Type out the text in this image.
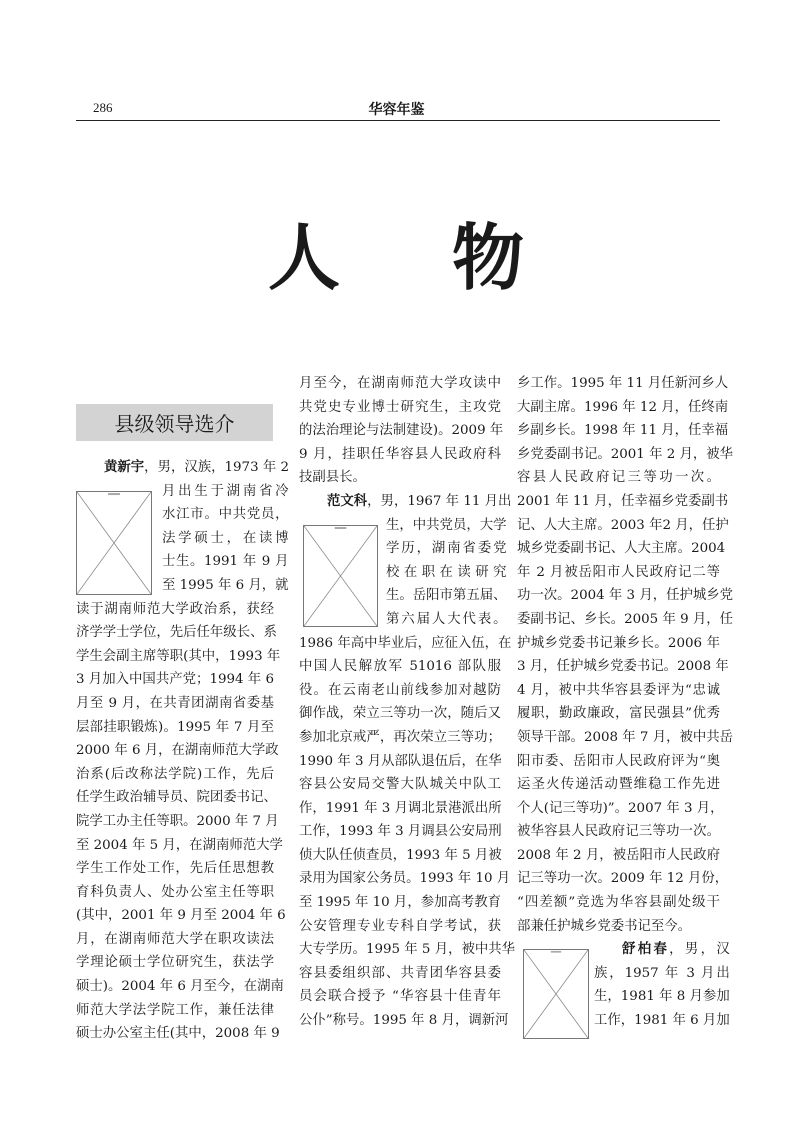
286	华容年鉴
人 物
县级领导选介
黄新宇，男，汉族，1973 年 2
月出生于湖南省冷
水江市。中共党员，
法学硕士，在读博
士生。1991 年 9 月
至 1995 年 6 月，就
读于湖南师范大学政治系，获经
济学学士学位，先后任年级长、系
学生会副主席等职(其中，1993 年
3 月加入中国共产党；1994 年 6
月至 9 月，在共青团湖南省委基
层部挂职锻炼)。1995 年 7 月至
2000 年 6 月，在湖南师范大学政
治系(后改称法学院)工作，先后
任学生政治辅导员、院团委书记、
院学工办主任等职。2000 年 7 月
至 2004 年 5 月，在湖南师范大学
学生工作处工作，先后任思想教
育科负责人、处办公室主任等职
(其中，2001 年 9 月至 2004 年 6
月，在湖南师范大学在职攻读法
学理论硕士学位研究生，获法学
硕士)。2004 年 6 月至今，在湖南
师范大学法学院工作，兼任法律
硕士办公室主任(其中，2008 年 9
月至今，在湖南师范大学攻读中
共党史专业博士研究生，主攻党
的法治理论与法制建设)。2009 年
9 月，挂职任华容县人民政府科
技副县长。
范文科，男，1967 年 11 月出
生，中共党员，大学
学历，湖南省委党
校在职在读研究
生。岳阳市第五届、
第六届人大代表。
1986 年高中毕业后，应征入伍，在
中国人民解放军 51016 部队服
役。在云南老山前线参加对越防
御作战，荣立三等功一次，随后又
参加北京戒严，再次荣立三等功；
1990 年 3 月从部队退伍后，在华
容县公安局交警大队城关中队工
作，1991 年 3 月调北景港派出所
工作，1993 年 3 月调县公安局刑
侦大队任侦查员，1993 年 5 月被
录用为国家公务员。1993 年 10 月
至 1995 年 10 月，参加高考教育
公安管理专业专科自学考试，获
大专学历。1995 年 5 月，被中共华
容县委组织部、共青团华容县委
员会联合授予 “华容县十佳青年
公仆”称号。1995 年 8 月，调新河
乡工作。1995 年 11 月任新河乡人
大副主席。1996 年 12 月，任终南
乡副乡长。1998 年 11 月，任幸福
乡党委副书记。2001 年 2 月，被华
容县人民政府记三等功一次。
2001 年 11 月，任幸福乡党委副书
记、人大主席。2003 年2 月，任护
城乡党委副书记、人大主席。2004
年 2 月被岳阳市人民政府记二等
功一次。2004 年 3 月，任护城乡党
委副书记、乡长。2005 年 9 月，任
护城乡党委书记兼乡长。2006 年
3 月，任护城乡党委书记。2008 年
4 月，被中共华容县委评为“忠诚
履职，勤政廉政，富民强县”优秀
领导干部。2008 年 7 月，被中共岳
阳市委、岳阳市人民政府评为“奥
运圣火传递活动暨维稳工作先进
个人(记三等功)”。2007 年 3 月，
被华容县人民政府记三等功一次。
2008 年 2 月，被岳阳市人民政府
记三等功一次。2009 年 12 月份，
“四差额”竞选为华容县副处级干
部兼任护城乡党委书记至今。
舒柏春，男，汉
族，1957 年 3 月出
生，1981 年 8 月参加
工作，1981 年 6 月加
